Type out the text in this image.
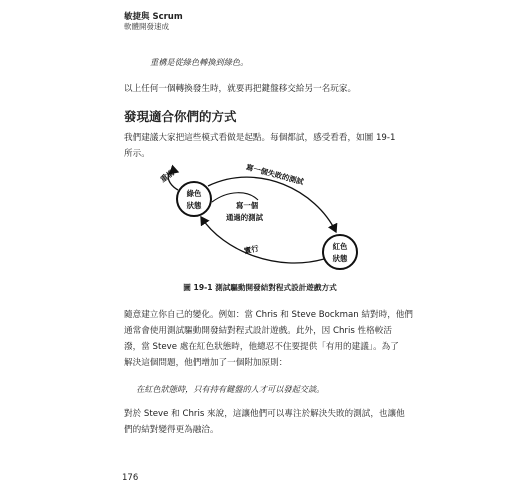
敏捷與 Scrum
軟體開發速成
重構是從綠色轉換到綠色。
以上任何一個轉換發生時，就要再把鍵盤移交給另一名玩家。
發現適合你們的方式
我們建議大家把這些模式看做是起點。每個都試，感受看看，如圖 19-1
所示。
重構
綠色
狀態
紅色
狀態
寫一個失敗的測試
寫一個
通過的測試
實行
圖 19-1 測試驅動開發結對程式設計遊戲方式
隨意建立你自己的變化。例如：當 Chris 和 Steve Bockman 結對時，他們
通常會使用測試驅動開發結對程式設計遊戲。此外，因 Chris 性格較活
潑，當 Steve 處在紅色狀態時，他總忍不住要提供「有用的建議」。為了
解決這個問題，他們增加了一個附加原則：
在紅色狀態時，只有持有鍵盤的人才可以發起交談。
對於 Steve 和 Chris 來說，這讓他們可以專注於解決失敗的測試，也讓他
們的結對變得更為融洽。
176
